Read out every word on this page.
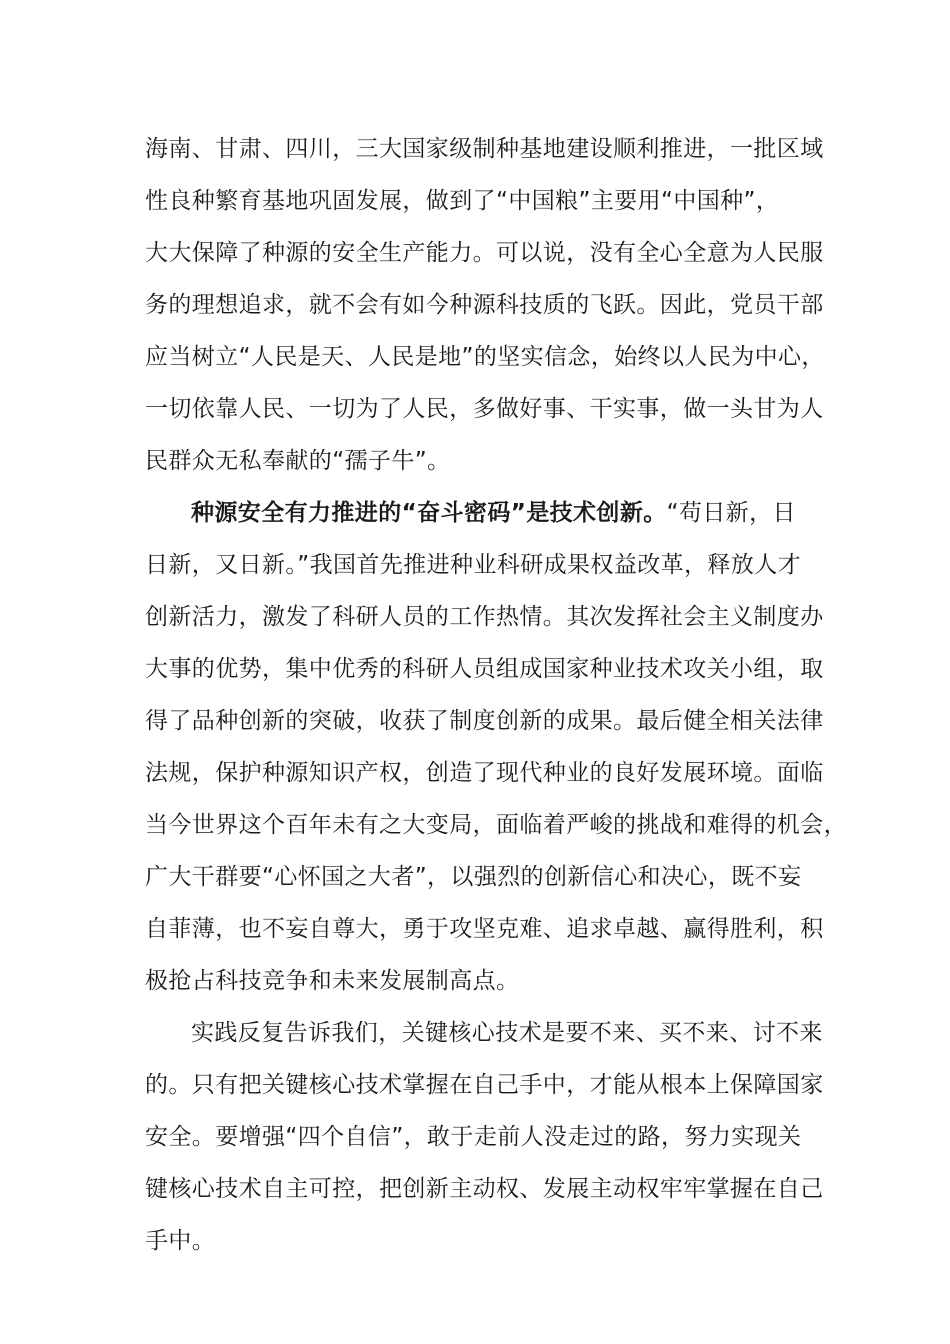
海南、甘肃、四川，三大国家级制种基地建设顺利推进，一批区域
性良种繁育基地巩固发展，做到了“中国粮”主要用“中国种”，
大大保障了种源的安全生产能力。可以说，没有全心全意为人民服
务的理想追求，就不会有如今种源科技质的飞跃。因此，党员干部
应当树立“人民是天、人民是地”的坚实信念，始终以人民为中心，
一切依靠人民、一切为了人民，多做好事、干实事，做一头甘为人
民群众无私奉献的“孺子牛”。
种源安全有力推进的“奋斗密码”是技术创新。“苟日新，日
日新，又日新。”我国首先推进种业科研成果权益改革，释放人才
创新活力，激发了科研人员的工作热情。其次发挥社会主义制度办
大事的优势，集中优秀的科研人员组成国家种业技术攻关小组，取
得了品种创新的突破，收获了制度创新的成果。最后健全相关法律
法规，保护种源知识产权，创造了现代种业的良好发展环境。面临
当今世界这个百年未有之大变局，面临着严峻的挑战和难得的机会，
广大干群要“心怀国之大者”，以强烈的创新信心和决心，既不妄
自菲薄，也不妄自尊大，勇于攻坚克难、追求卓越、赢得胜利，积
极抢占科技竞争和未来发展制高点。
实践反复告诉我们，关键核心技术是要不来、买不来、讨不来
的。只有把关键核心技术掌握在自己手中，才能从根本上保障国家
安全。要增强“四个自信”，敢于走前人没走过的路，努力实现关
键核心技术自主可控，把创新主动权、发展主动权牢牢掌握在自己
手中。
